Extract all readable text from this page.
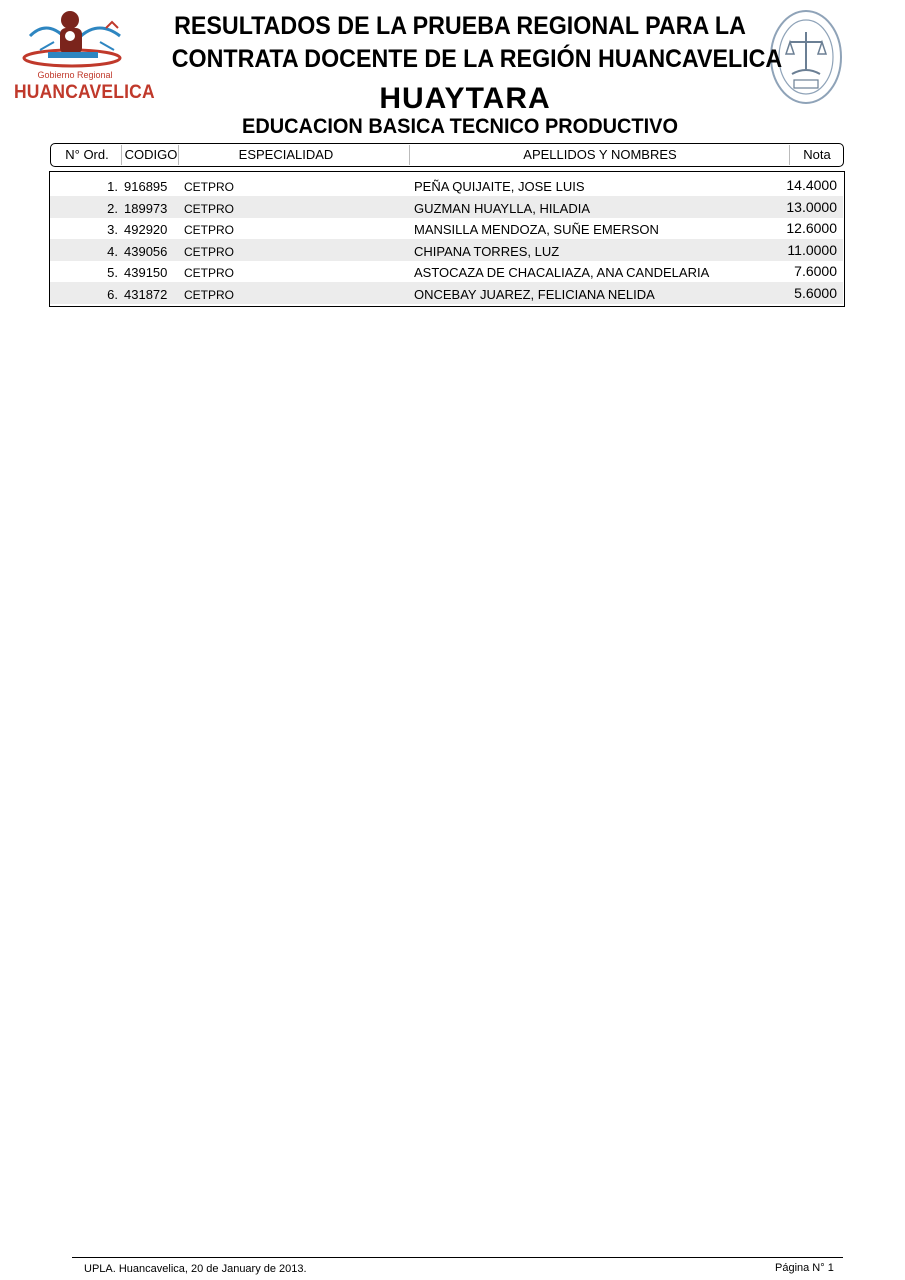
Gobierno Regional
HUANCAVELICA
RESULTADOS DE LA PRUEBA REGIONAL PARA LA
CONTRATA DOCENTE DE LA REGIÓN HUANCAVELICA
HUAYTARA
EDUCACION BASICA TECNICO PRODUCTIVO
N° Ord.	CODIGO	ESPECIALIDAD	APELLIDOS Y NOMBRES	Nota
1. 916895 CETPRO	PEÑA QUIJAITE, JOSE LUIS	14.4000
2. 189973 CETPRO	GUZMAN HUAYLLA, HILADIA	13.0000
3. 492920 CETPRO	MANSILLA MENDOZA, SUÑE EMERSON	12.6000
4. 439056 CETPRO	CHIPANA TORRES, LUZ	11.0000
5. 439150 CETPRO	ASTOCAZA DE CHACALIAZA, ANA CANDELARIA	7.6000
6. 431872 CETPRO	ONCEBAY JUAREZ, FELICIANA NELIDA	5.6000
UPLA. Huancavelica, 20 de January de 2013.	Página N° 1
